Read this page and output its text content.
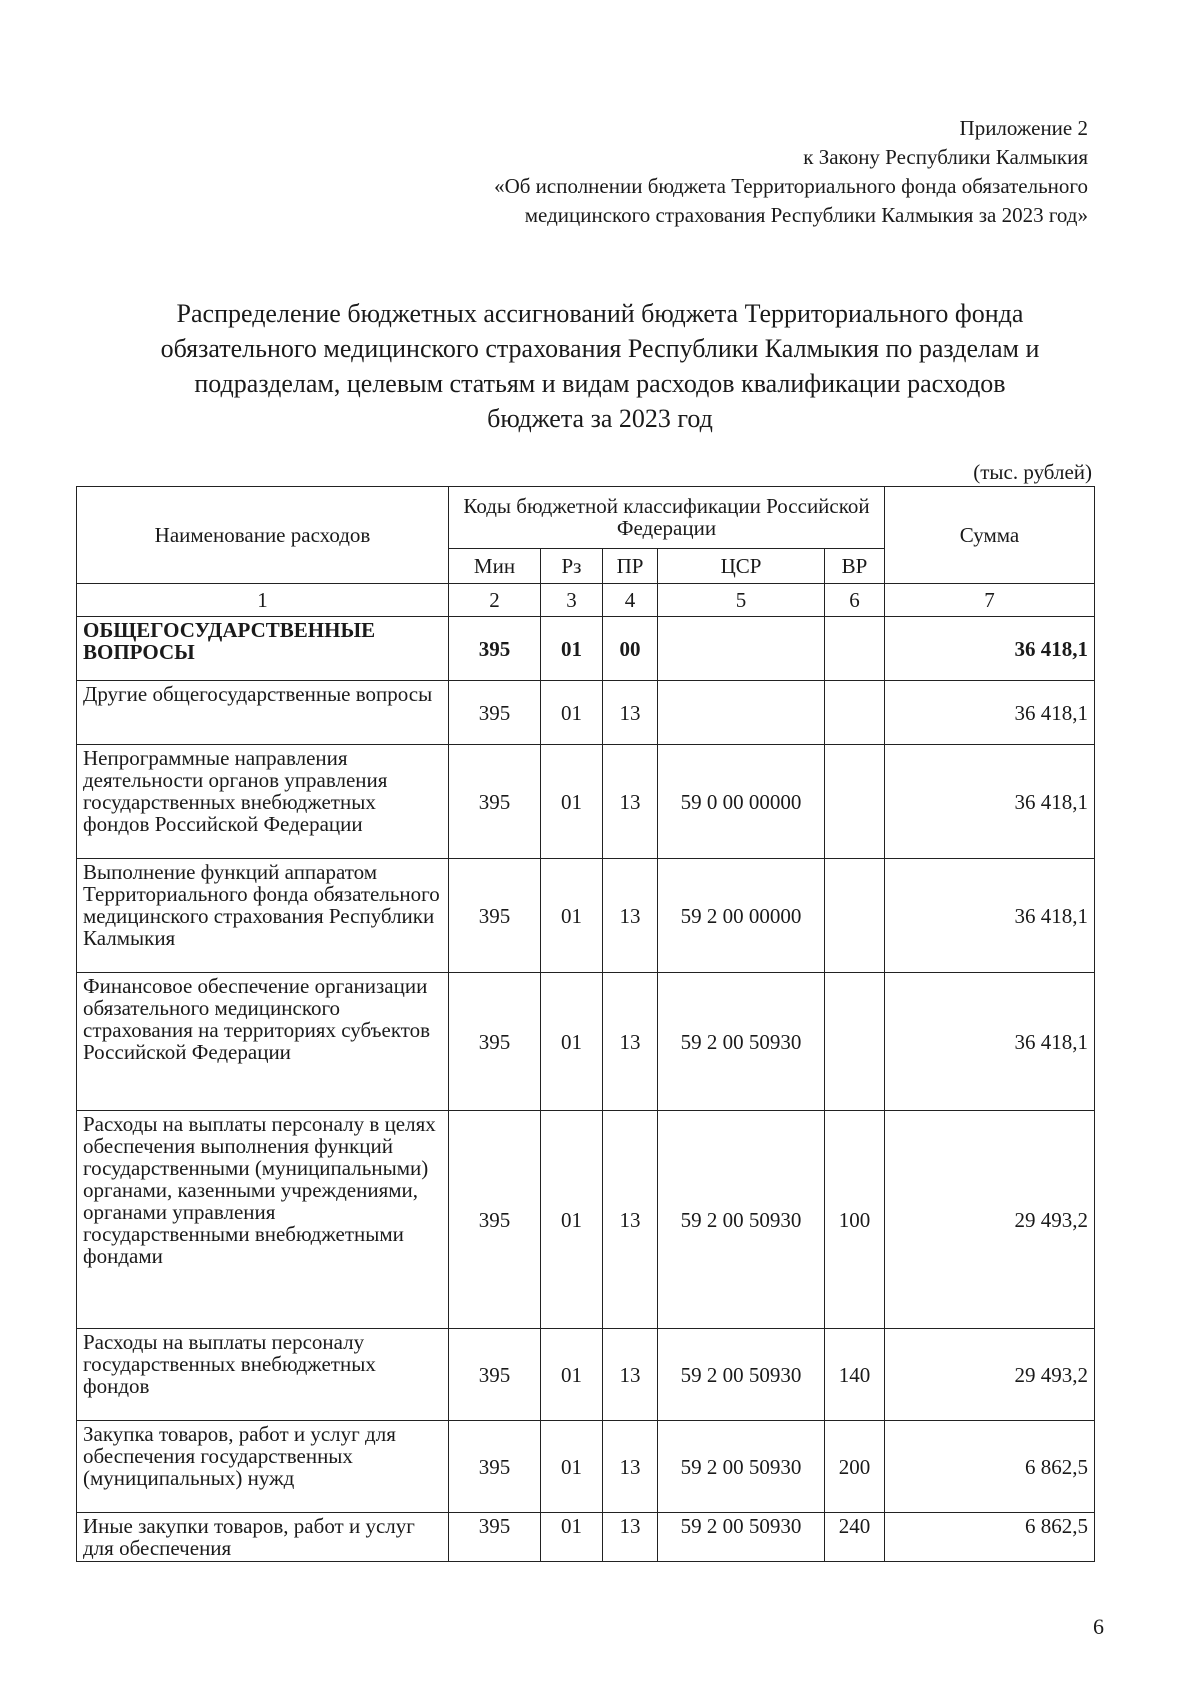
Приложение 2
к Закону Республики Калмыкия
«Об исполнении бюджета Территориального фонда обязательного
медицинского страхования Республики Калмыкия за 2023 год»
Распределение бюджетных ассигнований бюджета Территориального фонда
обязательного медицинского страхования Республики Калмыкия по разделам и
подразделам, целевым статьям и видам расходов квалификации расходов
бюджета за 2023 год
(тыс. рублей)
Наименование расходов	Коды бюджетной классификации Российской Федерации					Сумма
	Мин	Рз	ПР	ЦСР	ВР	
1	2	3	4	5	6	7
ОБЩЕГОСУДАРСТВЕННЫЕ ВОПРОСЫ	395	01	00			36 418,1
Другие общегосударственные вопросы	395	01	13			36 418,1
Непрограммные направления деятельности органов управления государственных внебюджетных фондов Российской Федерации	395	01	13	59 0 00 00000		36 418,1
Выполнение функций аппаратом Территориального фонда обязательного медицинского страхования Республики Калмыкия	395	01	13	59 2 00 00000		36 418,1
Финансовое обеспечение организации обязательного медицинского страхования на территориях субъектов Российской Федерации	395	01	13	59 2 00 50930		36 418,1
Расходы на выплаты персоналу в целях обеспечения выполнения функций государственными (муниципальными) органами, казенными учреждениями, органами управления государственными внебюджетными фондами	395	01	13	59 2 00 50930	100	29 493,2
Расходы на выплаты персоналу государственных внебюджетных фондов	395	01	13	59 2 00 50930	140	29 493,2
Закупка товаров, работ и услуг для обеспечения государственных (муниципальных) нужд	395	01	13	59 2 00 50930	200	6 862,5
Иные закупки товаров, работ и услуг для обеспечения	395	01	13	59 2 00 50930	240	6 862,5
6
